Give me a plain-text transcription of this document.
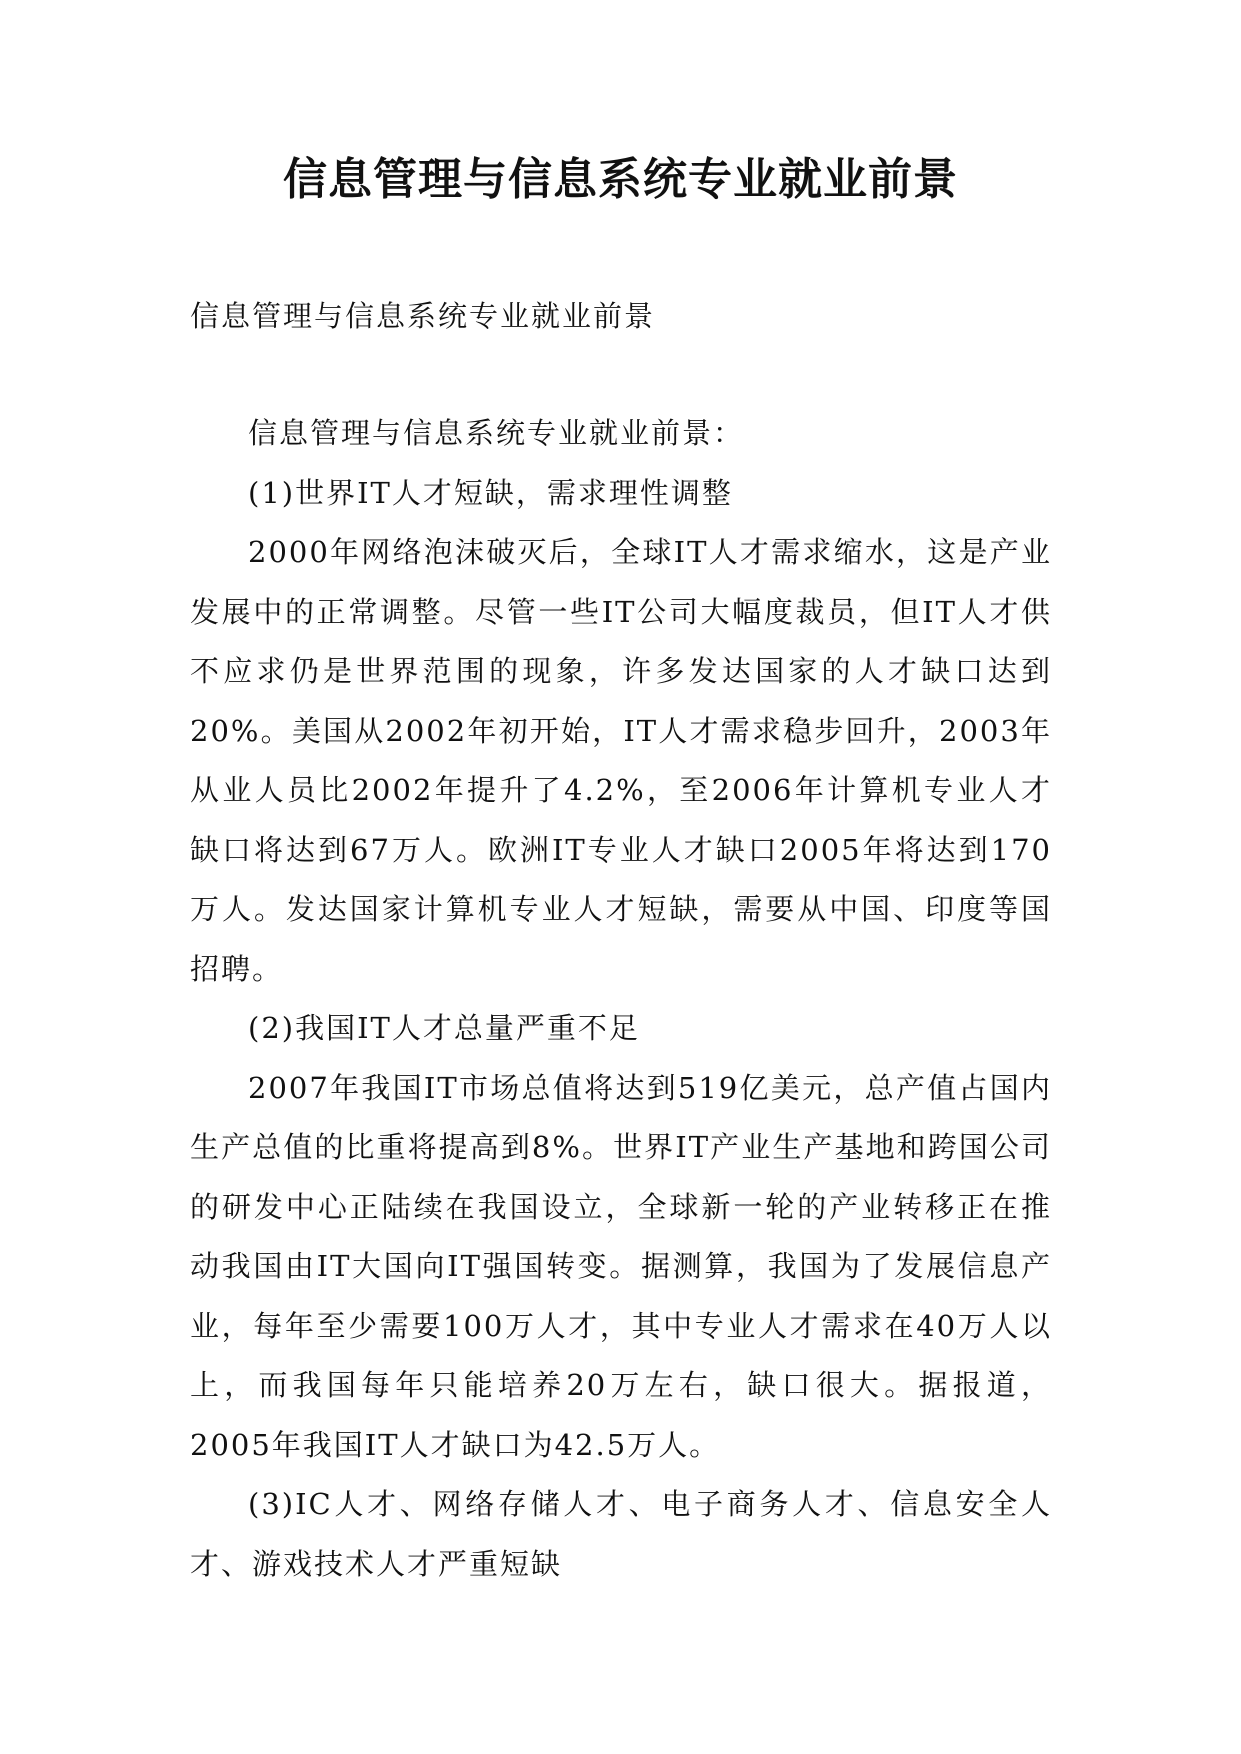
信息管理与信息系统专业就业前景

信息管理与信息系统专业就业前景

信息管理与信息系统专业就业前景：

(1)世界IT人才短缺，需求理性调整

2000年网络泡沫破灭后，全球IT人才需求缩水，这是产业发展中的正常调整。尽管一些IT公司大幅度裁员，但IT人才供不应求仍是世界范围的现象，许多发达国家的人才缺口达到20%。美国从2002年初开始，IT人才需求稳步回升，2003年从业人员比2002年提升了4.2%，至2006年计算机专业人才缺口将达到67万人。欧洲IT专业人才缺口2005年将达到170万人。发达国家计算机专业人才短缺，需要从中国、印度等国招聘。

(2)我国IT人才总量严重不足

2007年我国IT市场总值将达到519亿美元，总产值占国内生产总值的比重将提高到8%。世界IT产业生产基地和跨国公司的研发中心正陆续在我国设立，全球新一轮的产业转移正在推动我国由IT大国向IT强国转变。据测算，我国为了发展信息产业，每年至少需要100万人才，其中专业人才需求在40万人以上，而我国每年只能培养20万左右，缺口很大。据报道，2005年我国IT人才缺口为42.5万人。

(3)IC人才、网络存储人才、电子商务人才、信息安全人才、游戏技术人才严重短缺
